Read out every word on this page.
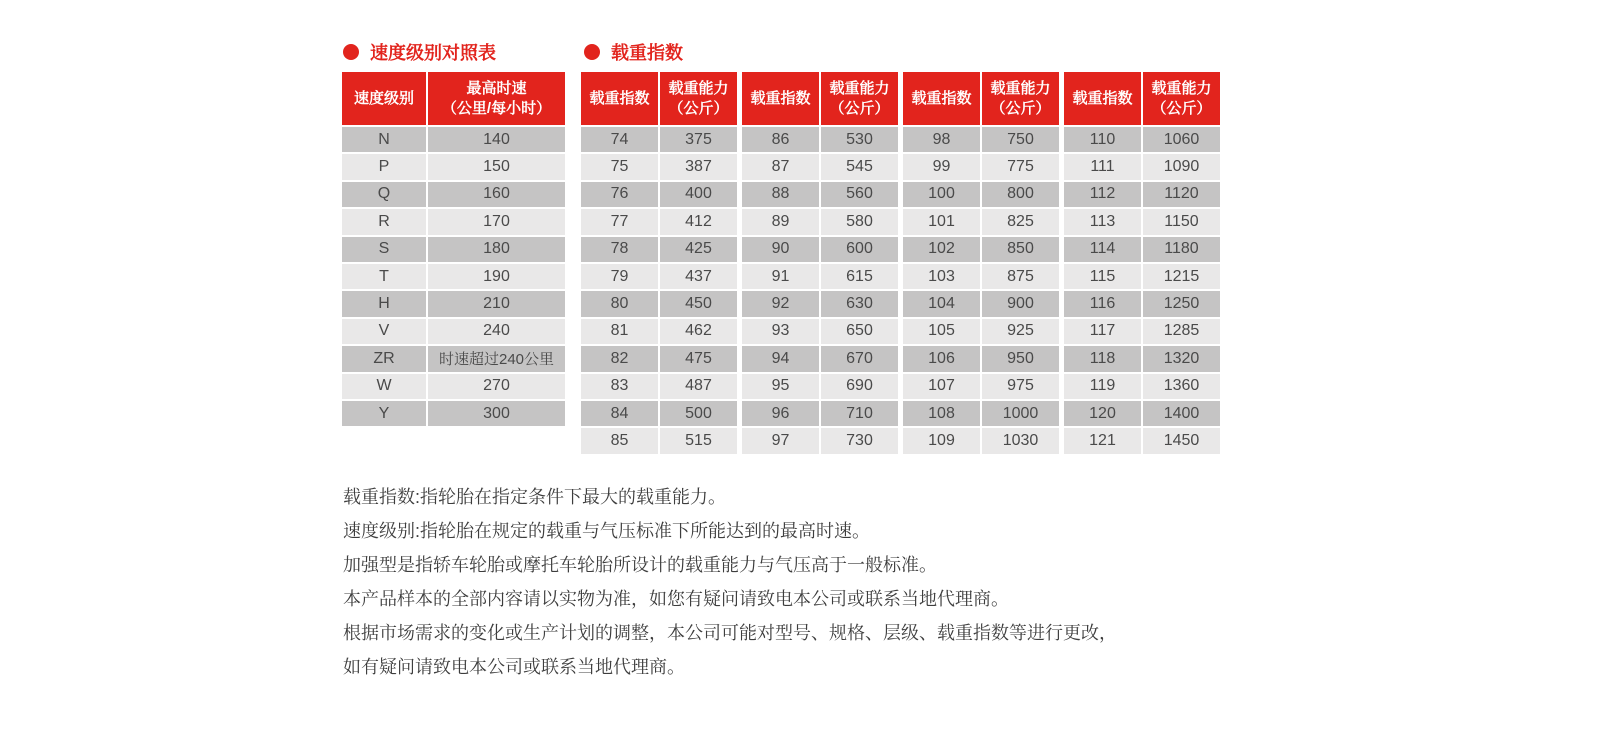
速度级别对照表	载重指数
速度级别
最高时速
（公里/每小时）
N	140
P	150
Q	160
R	170
S	180
T	190
H	210
V	240
ZR	时速超过240公里
W	270
Y	300
载重指数
载重能力
（公斤）
74	375
75	387
76	400
77	412
78	425
79	437
80	450
81	462
82	475
83	487
84	500
85	515
载重指数
载重能力
（公斤）
86	530
87	545
88	560
89	580
90	600
91	615
92	630
93	650
94	670
95	690
96	710
97	730
载重指数
载重能力
（公斤）
98	750
99	775
100	800
101	825
102	850
103	875
104	900
105	925
106	950
107	975
108	1000
109	1030
载重指数
载重能力
（公斤）
110	1060
111	1090
112	1120
113	1150
114	1180
115	1215
116	1250
117	1285
118	1320
119	1360
120	1400
121	1450
载重指数:指轮胎在指定条件下最大的载重能力。
速度级别:指轮胎在规定的载重与气压标准下所能达到的最高时速。
加强型是指轿车轮胎或摩托车轮胎所设计的载重能力与气压高于一般标准。
本产品样本的全部内容请以实物为准，如您有疑问请致电本公司或联系当地代理商。
根据市场需求的变化或生产计划的调整，本公司可能对型号、规格、层级、载重指数等进行更改，
如有疑问请致电本公司或联系当地代理商。
